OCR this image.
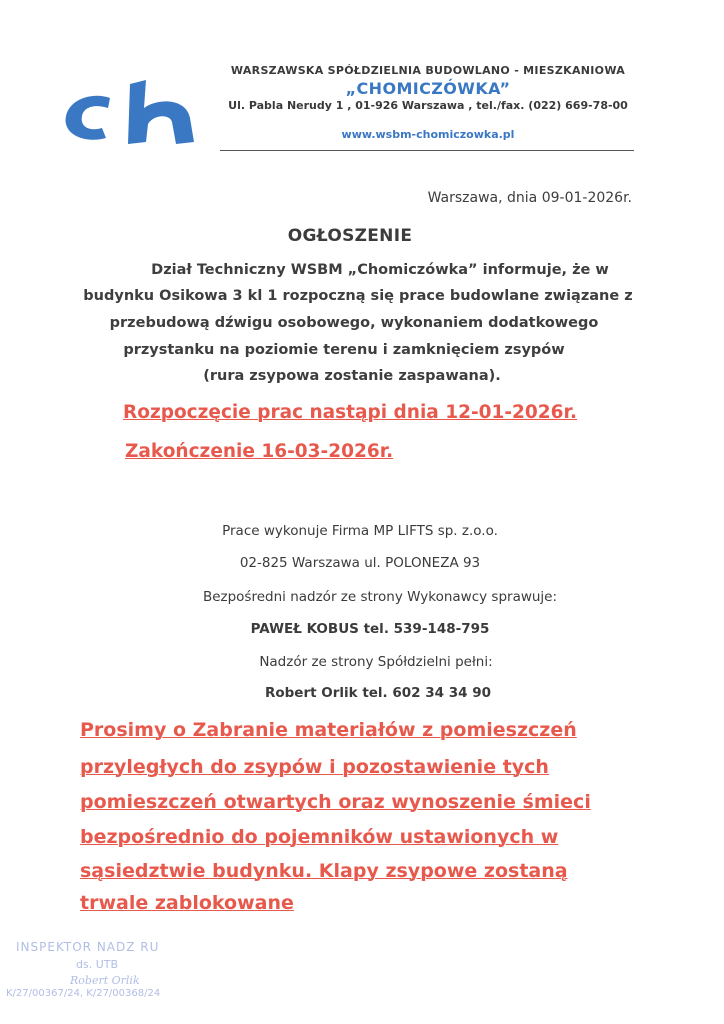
WARSZAWSKA SPÓŁDZIELNIA BUDOWLANO - MIESZKANIOWA
„CHOMICZÓWKA”
Ul. Pabla Nerudy 1 , 01-926 Warszawa , tel./fax. (022) 669-78-00
www.wsbm-chomiczowka.pl
Warszawa, dnia 09-01-2026r.
OGŁOSZENIE
Dział Techniczny WSBM „Chomiczówka” informuje, że w
budynku Osikowa 3 kl 1 rozpoczną się prace budowlane związane z
przebudową dźwigu osobowego, wykonaniem dodatkowego
przystanku na poziomie terenu i zamknięciem zsypów
(rura zsypowa zostanie zaspawana).
Rozpoczęcie prac nastąpi dnia 12-01-2026r.
Zakończenie 16-03-2026r.
Prace wykonuje Firma MP LIFTS sp. z.o.o.
02-825 Warszawa ul. POLONEZA 93
Bezpośredni nadzór ze strony Wykonawcy sprawuje:
PAWEŁ KOBUS tel. 539-148-795
Nadzór ze strony Spółdzielni pełni:
Robert Orlik tel. 602 34 34 90
Prosimy o Zabranie materiałów z pomieszczeń
przyległych do zsypów i pozostawienie tych
pomieszczeń otwartych oraz wynoszenie śmieci
bezpośrednio do pojemników ustawionych w
sąsiedztwie budynku. Klapy zsypowe zostaną
trwale zablokowane
INSPEKTOR NADZ RU
ds. UTB
Robert Orlik
K/27/00367/24, K/27/00368/24
